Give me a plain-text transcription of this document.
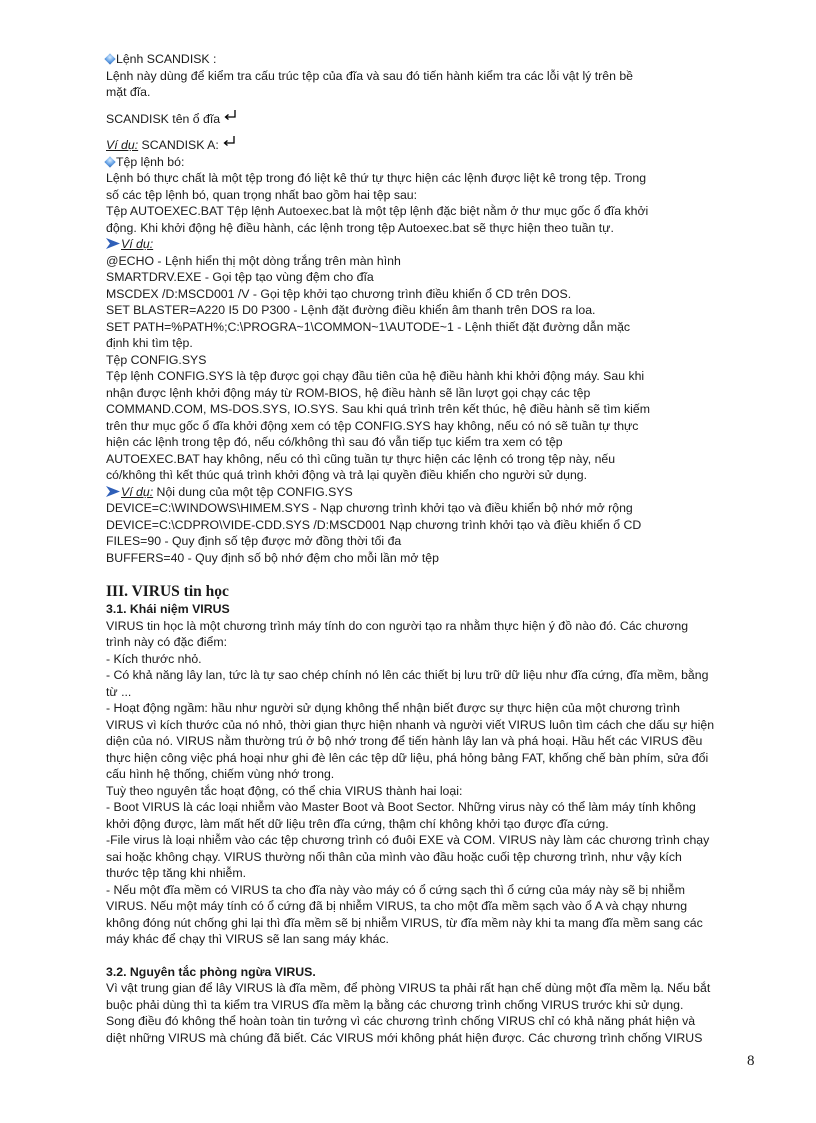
Lệnh SCANDISK :
Lệnh này dùng để kiểm tra cấu trúc tệp của đĩa và sau đó tiến hành kiểm tra các lỗi vật lý trên bề
mặt đĩa.
SCANDISK tên ổ đĩa
Ví dụ: SCANDISK A:
Tệp lệnh bó:
Lệnh bó thực chất là một tệp trong đó liệt kê thứ tự thực hiện các lệnh được liệt kê trong tệp. Trong
số các tệp lệnh bó, quan trọng nhất bao gồm hai tệp sau:
Tệp AUTOEXEC.BAT Tệp lệnh Autoexec.bat là một tệp lệnh đặc biệt nằm ở thư mục gốc ổ đĩa khởi
động. Khi khởi động hệ điều hành, các lệnh trong tệp Autoexec.bat sẽ thực hiện theo tuần tự.
Ví dụ:
@ECHO - Lệnh hiển thị một dòng trắng trên màn hình
SMARTDRV.EXE - Gọi tệp tạo vùng đệm cho đĩa
MSCDEX /D:MSCD001 /V - Gọi tệp khởi tạo chương trình điều khiển ổ CD trên DOS.
SET BLASTER=A220 I5 D0 P300 - Lệnh đặt đường điều khiển âm thanh trên DOS ra loa.
SET PATH=%PATH%;C:\PROGRA~1\COMMON~1\AUTODE~1 - Lệnh thiết đặt đường dẫn mặc
định khi tìm tệp.
Tệp CONFIG.SYS
Tệp lệnh CONFIG.SYS là tệp được gọi chạy đầu tiên của hệ điều hành khi khởi động máy. Sau khi
nhận được lệnh khởi động máy từ ROM-BIOS, hệ điều hành sẽ lần lượt gọi chạy các tệp
COMMAND.COM, MS-DOS.SYS, IO.SYS. Sau khi quá trình trên kết thúc, hệ điều hành sẽ tìm kiếm
trên thư mục gốc ổ đĩa khởi động xem có tệp CONFIG.SYS hay không, nếu có nó sẽ tuần tự thực
hiện các lệnh trong tệp đó, nếu có/không thì sau đó vẫn tiếp tục kiểm tra xem có tệp
AUTOEXEC.BAT hay không, nếu có thì cũng tuần tự thực hiện các lệnh có trong tệp này, nếu
có/không thì kết thúc quá trình khởi động và trả lại quyền điều khiển cho người sử dụng.
Ví dụ: Nội dung của một tệp CONFIG.SYS
DEVICE=C:\WINDOWS\HIMEM.SYS - Nạp chương trình khởi tạo và điều khiển bộ nhớ mở rộng
DEVICE=C:\CDPRO\VIDE-CDD.SYS /D:MSCD001 Nạp chương trình khởi tạo và điều khiển ổ CD
FILES=90 - Quy định số tệp được mở đồng thời tối đa
BUFFERS=40 - Quy định số bộ nhớ đệm cho mỗi lần mở tệp
III. VIRUS tin học
3.1. Khái niệm VIRUS
VIRUS tin học là một chương trình máy tính do con người tạo ra nhằm thực hiện ý đồ nào đó. Các chương
trình này có đặc điểm:
- Kích thước nhỏ.
- Có khả năng lây lan, tức là tự sao chép chính nó lên các thiết bị lưu trữ dữ liệu như đĩa cứng, đĩa mềm, bằng
từ ...
- Hoạt động ngầm: hầu như người sử dụng không thể nhận biết được sự thực hiện của một chương trình
VIRUS vì kích thước của nó nhỏ, thời gian thực hiện nhanh và người viết VIRUS luôn tìm cách che dấu sự hiện
diện của nó. VIRUS nằm thường trú ở bộ nhớ trong để tiến hành lây lan và phá hoại. Hầu hết các VIRUS đều
thực hiện công việc phá hoại như ghi đè lên các tệp dữ liệu, phá hỏng bảng FAT, khống chế bàn phím, sửa đổi
cấu hình hệ thống, chiếm vùng nhớ trong.
Tuỳ theo nguyên tắc hoạt động, có thể chia VIRUS thành hai loại:
- Boot VIRUS là các loại nhiễm vào Master Boot và Boot Sector. Những virus này có thể làm máy tính không
khởi động được, làm mất hết dữ liệu trên đĩa cứng, thậm chí không khởi tạo được đĩa cứng.
-File virus là loại nhiễm vào các tệp chương trình có đuôi EXE và COM. VIRUS này làm các chương trình chạy
sai hoặc không chạy. VIRUS thường nối thân của mình vào đầu hoặc cuối tệp chương trình, như vậy kích
thước tệp tăng khi nhiễm.
- Nếu một đĩa mềm có VIRUS ta cho đĩa này vào máy có ổ cứng sạch thì ổ cứng của máy này sẽ bị nhiễm
VIRUS. Nếu một máy tính có ổ cứng đã bị nhiễm VIRUS, ta cho một đĩa mềm sạch vào ổ A và chạy nhưng
không đóng nút chống ghi lại thì đĩa mềm sẽ bị nhiễm VIRUS, từ đĩa mềm này khi ta mang đĩa mềm sang các
máy khác để chạy thì VIRUS sẽ lan sang máy khác.
3.2. Nguyên tắc phòng ngừa VIRUS.
Vì vật trung gian để lây VIRUS là đĩa mềm, để phòng VIRUS ta phải rất hạn chế dùng một đĩa mềm lạ. Nếu bắt
buộc phải dùng thì ta kiểm tra VIRUS đĩa mềm lạ bằng các chương trình chống VIRUS trước khi sử dụng.
Song điều đó không thể hoàn toàn tin tưởng vì các chương trình chống VIRUS chỉ có khả năng phát hiện và
diệt những VIRUS mà chúng đã biết. Các VIRUS mới không phát hiện được. Các chương trình chống VIRUS
8
